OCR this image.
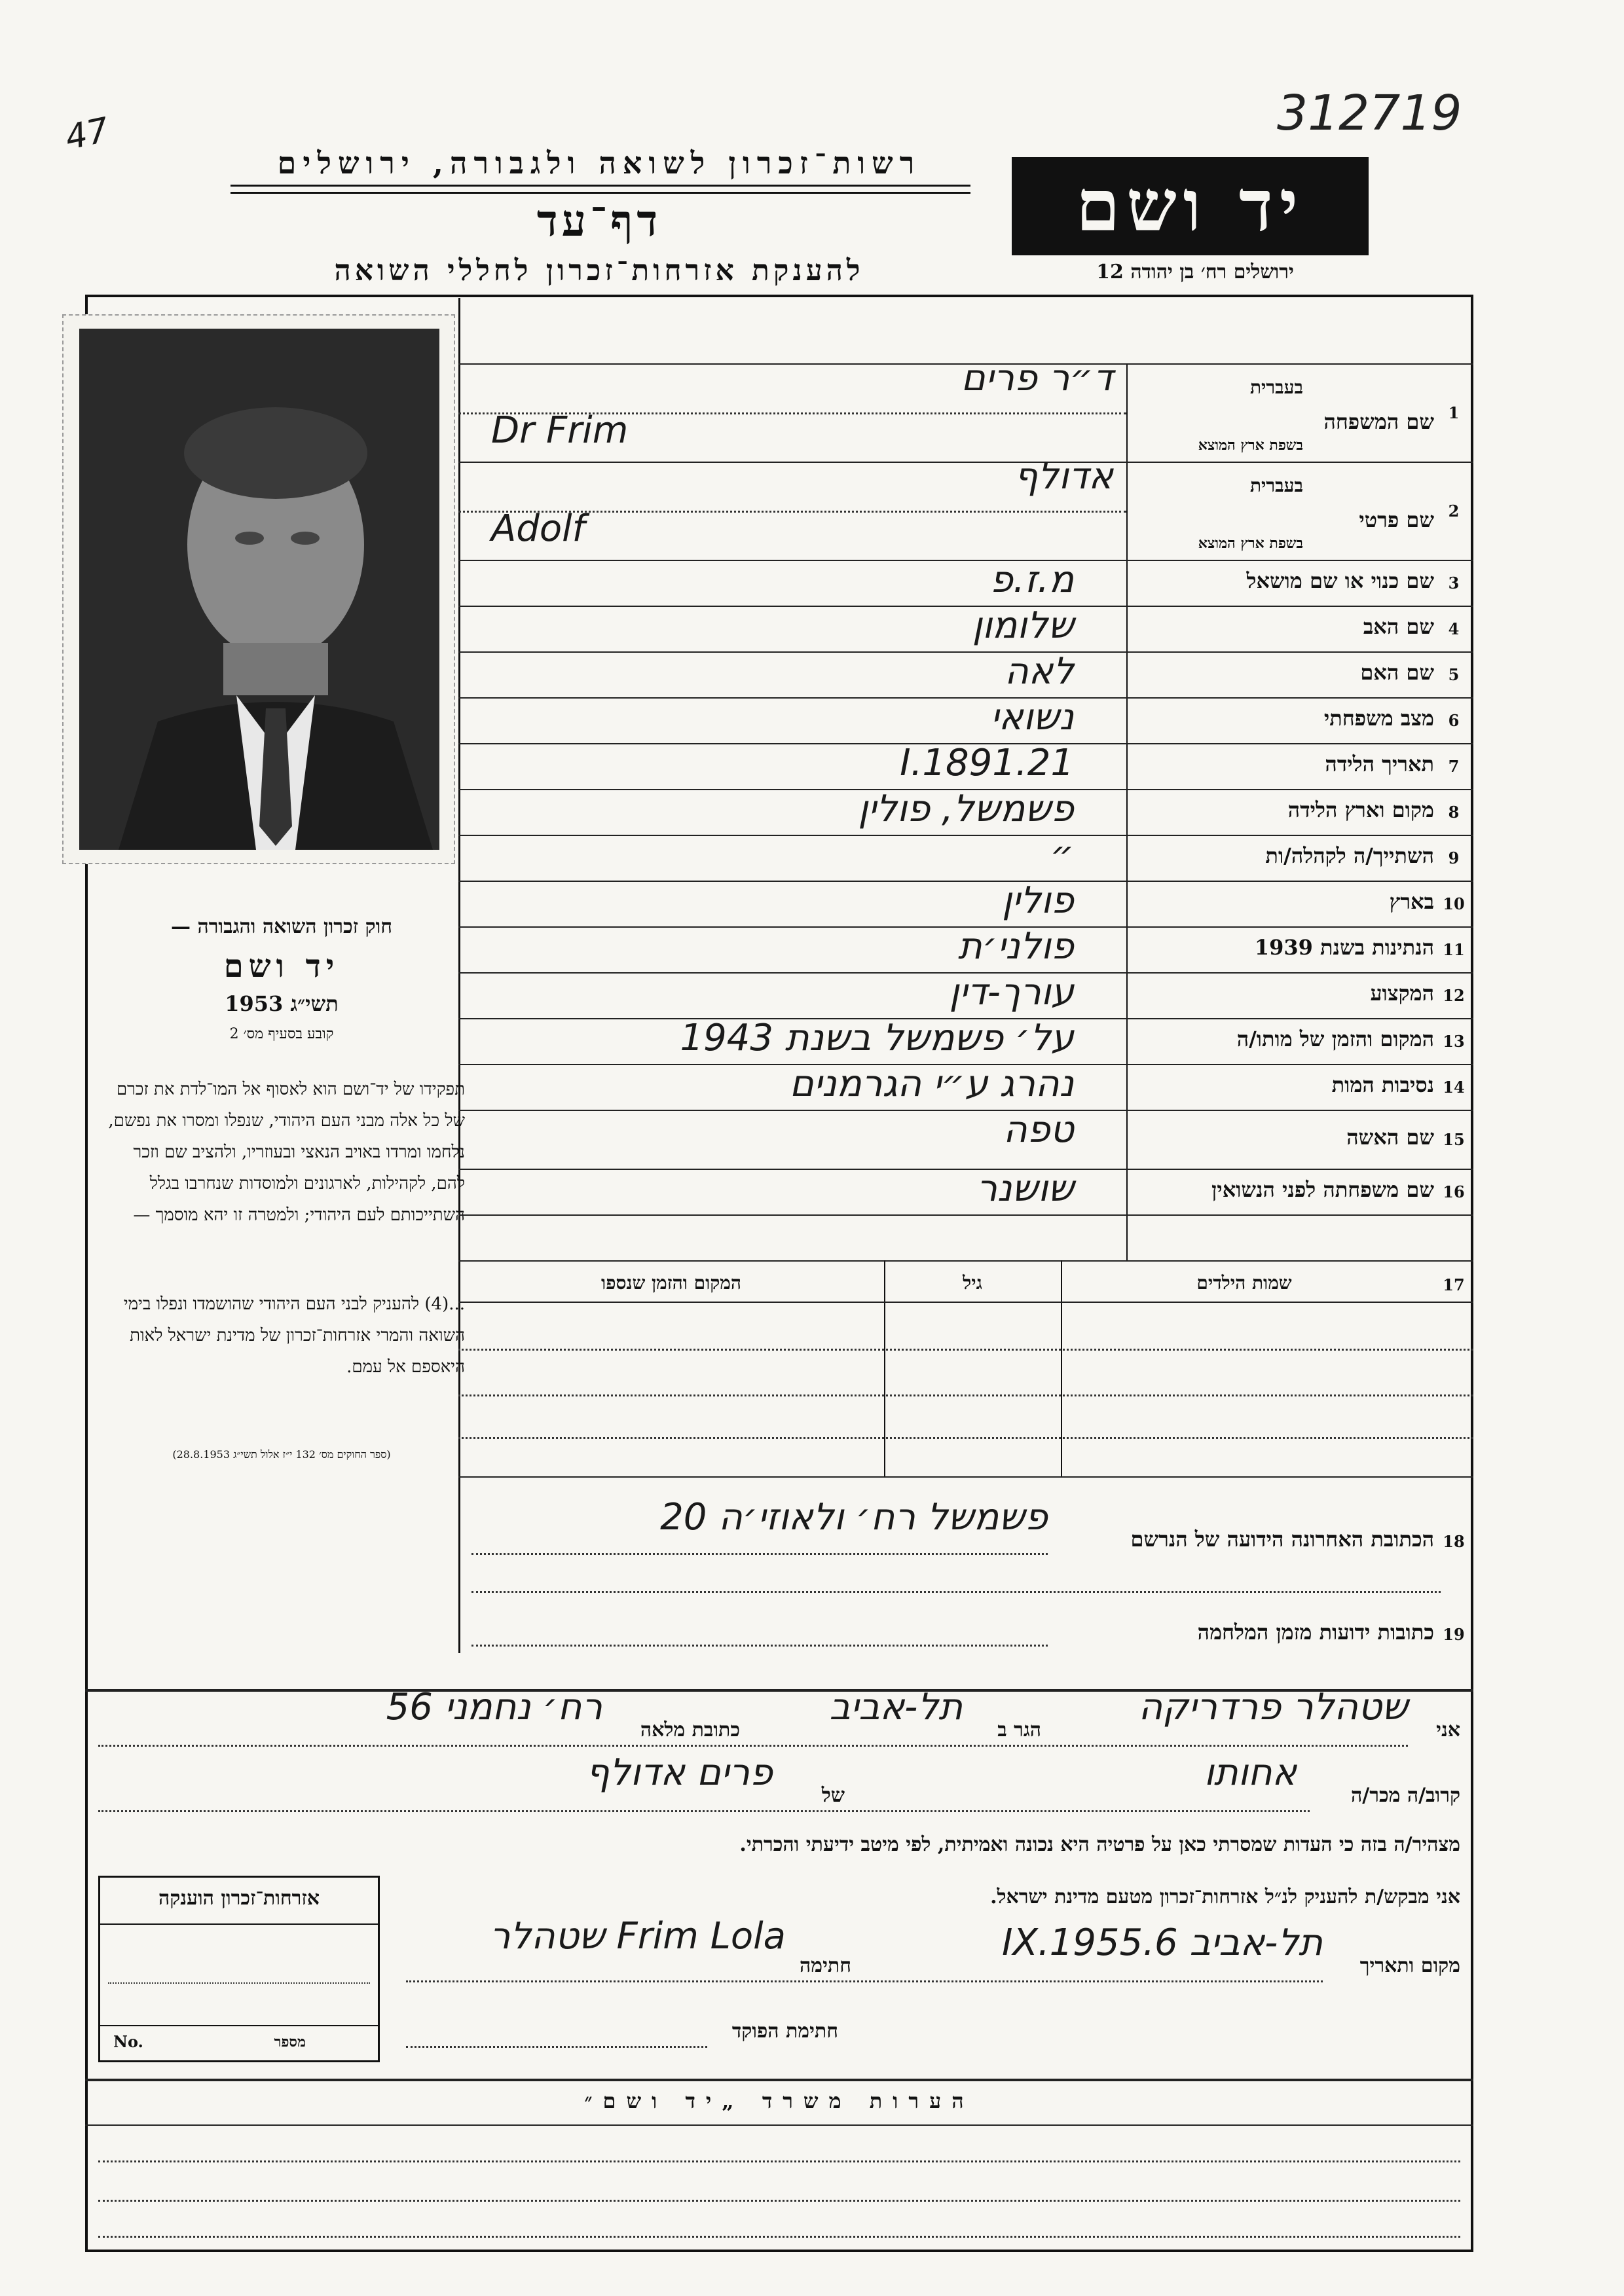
47	312719
רשות־זכרון לשואה ולגבורה, ירושלים
דף־עד
להענקת אזרחות־זכרון לחללי השואה
יד ושם
ירושלים רח׳ בן יהודה 12
חוק זכרון השואה והגבורה —
יד ושם
תשי״ג 1953
קובע בסעיף מס׳ 2
תפקידו של יד־ושם הוא לאסוף אל המו־לדת את זכרם של כל אלה מבני העם היהודי, שנפלו ומסרו את נפשם, נלחמו ומרדו באויב הנאצי ובעוזריו, ולהציב שם וזכר להם, לקהילות, לארגונים ולמוסדות שנחרבו בגלל השתייכותם לעם היהודי; ולמטרה זו יהא מוסמך —
...(4) להעניק לבני העם היהודי שהושמדו ונפלו בימי השואה והמרי אזרחות־זכרון של מדינת ישראל לאות היאספם אל עמם.
(ספר החוקים מס׳ 132 י״ז אלול תשי״ג 28.8.1953)
1
שם המשפחה
בעברית
בשפת ארץ המוצא
ד״ר פרים
Dr Frim
2
שם פרטי
בעברית
בשפת ארץ המוצא
אדולף
Adolf
3
שם כנוי או שם מושאל
מ.ז.פ
4
שם האב
שלומון
5
שם האם
לאה
6
מצב משפחתי
נשואי
7
תאריך הלידה
21.I.1891
8
מקום וארץ הלידה
פשמשל, פולין
9
השתייך/ה לקהלה/ות
״
10
בארץ
פולין
11
הנתינות בשנת 1939
פולני׳ת
12
המקצוע
עורך-דין
13
המקום והזמן של מותו/ה
על׳ פשמשל בשנת 1943
14
נסיבות המות
נהרג ע״י הגרמנים
15
שם האשה
טפה
16
שם משפחתה לפני הנשואין
שושנר
17
שמות הילדים
גיל
המקום והזמן שנספו
18
הכתובת האחרונה הידועה של הנרשם
פשמשל רח׳ ולאוזי׳ה 20
19
כתובות ידועות מזמן המלחמה
אני
שטהלר פרדריקה
הגר ב
תל-אביב
כתובת מלאה
רח׳ נחמני 56
קרוב/ה מכר/ה
אחותו
של
פרים אדולף
מצהיר/ה בזה כי העדות שמסרתי כאן על פרטיה היא נכונה ואמיתית, לפי מיטב ידיעתי והכרתי.
אני מבקש/ת להעניק לנ״ל אזרחות־זכרון מטעם מדינת ישראל.
מקום ותאריך
תל-אביב 6.IX.1955
חתימה
Frim Lola שטהלר
חתימת הפוקד
אזרחות־זכרון הוענקה
מספר
No.
הערות משרד „יד ושם״
